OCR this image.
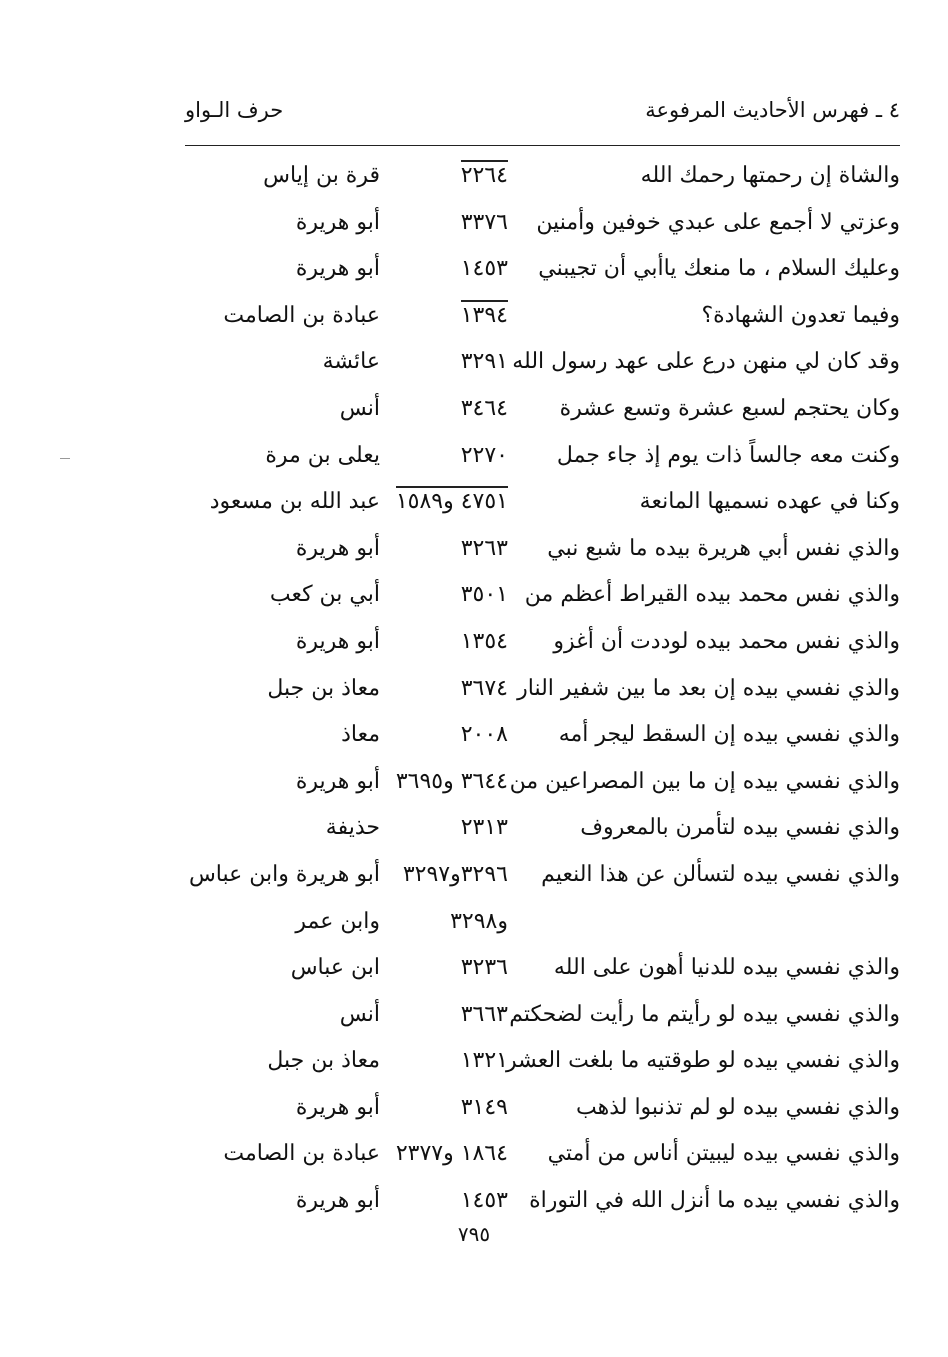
٤ ـ فهرس الأحاديث المرفوعة
حرف الـواو
والشاة إن رحمتها رحمك الله
٢٢٦٤
قرة بن إياس
وعزتي لا أجمع على عبدي خوفين وأمنين
٣٣٧٦
أبو هريرة
وعليك السلام ، ما منعك ياأبي أن تجيبني
١٤٥٣
أبو هريرة
وفيما تعدون الشهادة؟
١٣٩٤
عبادة بن الصامت
وقد كان لي منهن درع على عهد رسول الله
٣٢٩١
عائشة
وكان يحتجم لسبع عشرة وتسع عشرة
٣٤٦٤
أنس
وكنت معه جالساً ذات يوم إذ جاء جمل
٢٢٧٠
يعلى بن مرة
وكنا في عهده نسميها المانعة
٤٧٥١ و١٥٨٩
عبد الله بن مسعود
والذي نفس أبي هريرة بيده ما شبع نبي
٣٢٦٣
أبو هريرة
والذي نفس محمد بيده القيراط أعظم من
٣٥٠١
أبي بن كعب
والذي نفس محمد بيده لوددت أن أغزو
١٣٥٤
أبو هريرة
والذي نفسي بيده إن بعد ما بين شفير النار
٣٦٧٤
معاذ بن جبل
والذي نفسي بيده إن السقط ليجر أمه
٢٠٠٨
معاذ
والذي نفسي بيده إن ما بين المصراعين من
٣٦٤٤ و٣٦٩٥
أبو هريرة
والذي نفسي بيده لتأمرن بالمعروف
٢٣١٣
حذيفة
والذي نفسي بيده لتسألن عن هذا النعيم
٣٢٩٦و٣٢٩٧
أبو هريرة وابن عباس
و٣٢٩٨
وابن عمر
والذي نفسي بيده للدنيا أهون على الله
٣٢٣٦
ابن عباس
والذي نفسي بيده لو رأيتم ما رأيت لضحكتم
٣٦٦٣
أنس
والذي نفسي بيده لو طوقتيه ما بلغت العشر
١٣٢١
معاذ بن جبل
والذي نفسي بيده لو لم تذنبوا لذهب
٣١٤٩
أبو هريرة
والذي نفسي بيده ليبيتن أناس من أمتي
١٨٦٤ و٢٣٧٧
عبادة بن الصامت
والذي نفسي بيده ما أنزل الله في التوراة
١٤٥٣
أبو هريرة
٧٩٥
